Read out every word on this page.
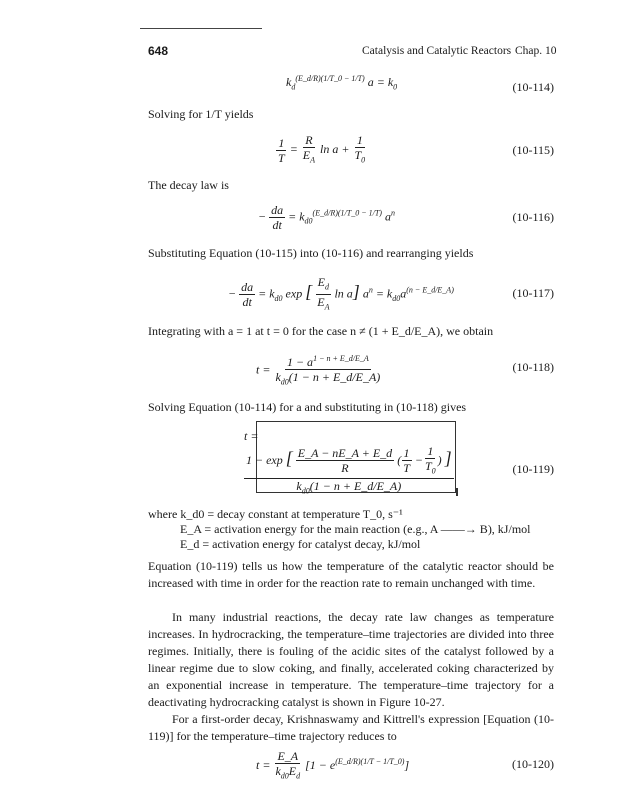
648	Catalysis and Catalytic Reactors Chap. 10
$k_d^{(E\_d/R)(1/T\_0 - 1/T)}$ $a = k_0$	(10-114)
Solving for 1/T yields
$\frac{1}{T} = \frac{R}{E_A}$ $\ln a + \frac{1}{T_0}$	(10-115)
The decay law is
− $\frac{da}{dt} = k_{d0}^{(E\_d/R)(1/T\_0 - 1/T)}$ $a^n$	(10-116)
Substituting Equation (10-115) into (10-116) and rearranging yields
− $\frac{da}{dt} = k_{d0}$ exp [ $\frac{E_d}{E_A}$ ln a] $a^n = k_{d0}a^{(n - E\_d/E\_A)}$	(10-117)
Integrating with a = 1 at t = 0 for the case n ≠ (1 + E_d/E_A), we obtain
$t = \frac{1 - a^{1 - n + E\_d/E\_A}}{k_{d0}(1 - n + E\_d/E\_A)}$	(10-118)
Solving Equation (10-114) for a and substituting in (10-118) gives
t =
1 − exp [ $\frac{E\_A - nE\_A + E\_d}{R}$ ( $\frac{1}{T} - \frac{1}{T_0}$ ) ]
$k_{d0}(1 - n$ + E_d/E_A)
(10-119)
where k_d0 = decay constant at temperature T_0, s⁻¹
E_A = activation energy for the main reaction (e.g., A ——→ B), kJ/mol
E_d = activation energy for catalyst decay, kJ/mol
Equation (10-119) tells us how the temperature of the catalytic reactor should be increased with time in order for the reaction rate to remain unchanged with time.
In many industrial reactions, the decay rate law changes as temperature increases. In hydrocracking, the temperature–time trajectories are divided into three regimes. Initially, there is fouling of the acidic sites of the catalyst followed by a linear regime due to slow coking, and finally, accelerated coking characterized by an exponential increase in temperature. The temperature–time trajectory for a deactivating hydrocracking catalyst is shown in Figure 10-27.
For a first-order decay, Krishnaswamy and Kittrell's expression [Equation (10-119)] for the temperature–time trajectory reduces to
$t = \frac{E\_A}{k_{d0}E_d} [1 - e^{(E\_d/R)(1/T - 1/T\_0)}]$	(10-120)
